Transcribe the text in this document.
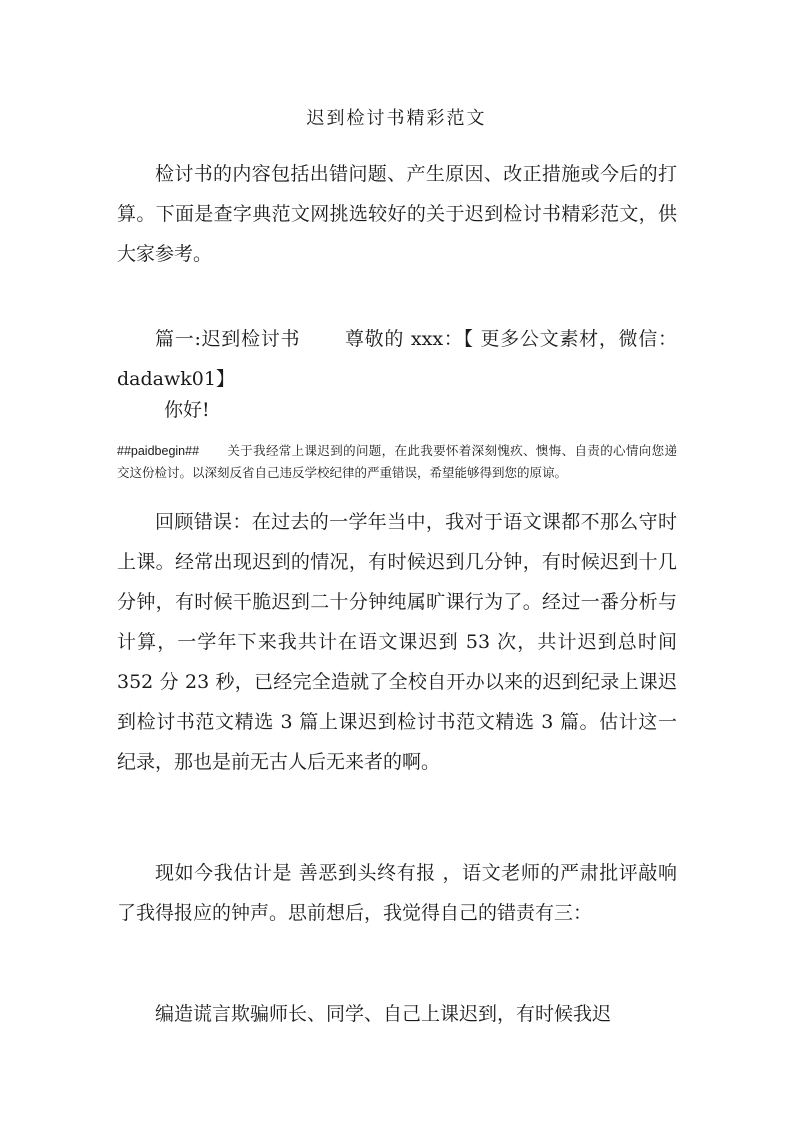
迟到检讨书精彩范文

检讨书的内容包括出错问题、产生原因、改正措施或今后的打算。下面是查字典范文网挑选较好的关于迟到检讨书精彩范文，供大家参考。

篇一:迟到检讨书 尊敬的 xxx：【 更多公文素材，微信：dadawk01】

你好!

##paidbegin## 关于我经常上课迟到的问题，在此我要怀着深刻愧疚、懊悔、自责的心情向您递交这份检讨。以深刻反省自己违反学校纪律的严重错误，希望能够得到您的原谅。

回顾错误：在过去的一学年当中，我对于语文课都不那么守时上课。经常出现迟到的情况，有时候迟到几分钟，有时候迟到十几分钟，有时候干脆迟到二十分钟纯属旷课行为了。经过一番分析与计算，一学年下来我共计在语文课迟到 53 次，共计迟到总时间 352 分 23 秒，已经完全造就了全校自开办以来的迟到纪录上课迟到检讨书范文精选 3 篇上课迟到检讨书范文精选 3 篇。估计这一纪录，那也是前无古人后无来者的啊。

现如今我估计是 善恶到头终有报 ，语文老师的严肃批评敲响了我得报应的钟声。思前想后，我觉得自己的错责有三：

编造谎言欺骗师长、同学、自己上课迟到，有时候我迟
